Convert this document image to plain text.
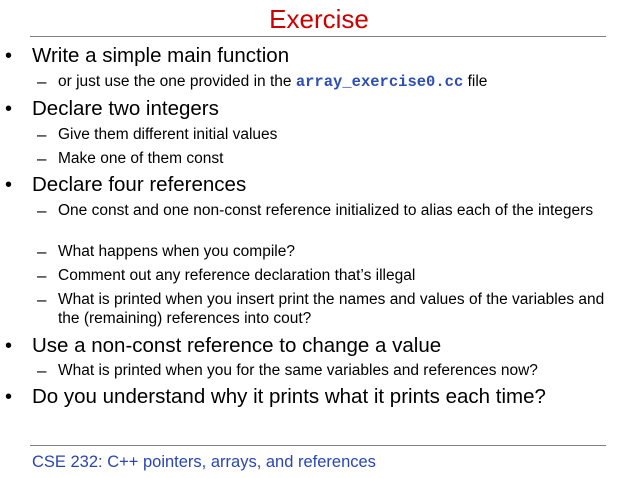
Exercise
• Write a simple main function
– or just use the one provided in the array_exercise0.cc file
• Declare two integers
– Give them different initial values
– Make one of them const
• Declare four references
– One const and one non-const reference initialized to alias each of the integers
– What happens when you compile?
– Comment out any reference declaration that’s illegal
– What is printed when you insert print the names and values of the variables and the (remaining) references into cout?
• Use a non-const reference to change a value
– What is printed when you for the same variables and references now?
• Do you understand why it prints what it prints each time?
CSE 232: C++ pointers, arrays, and references
